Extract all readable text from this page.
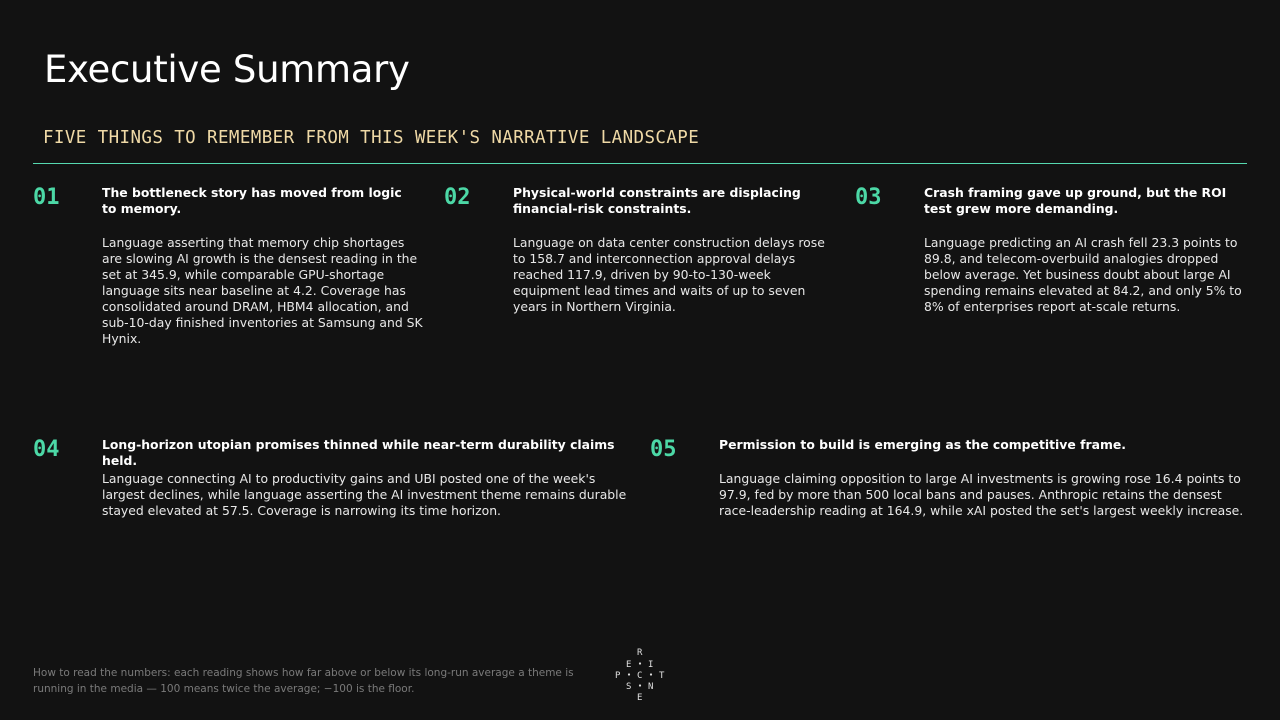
Executive Summary
FIVE THINGS TO REMEMBER FROM THIS WEEK'S NARRATIVE LANDSCAPE
01	The bottleneck story has moved from logic to memory.
Language asserting that memory chip shortages are slowing AI growth is the densest reading in the set at 345.9, while comparable GPU-shortage language sits near baseline at 4.2. Coverage has consolidated around DRAM, HBM4 allocation, and sub-10-day finished inventories at Samsung and SK Hynix.
02	Physical-world constraints are displacing financial-risk constraints.
Language on data center construction delays rose to 158.7 and interconnection approval delays reached 117.9, driven by 90-to-130-week equipment lead times and waits of up to seven years in Northern Virginia.
03	Crash framing gave up ground, but the ROI test grew more demanding.
Language predicting an AI crash fell 23.3 points to 89.8, and telecom-overbuild analogies dropped below average. Yet business doubt about large AI spending remains elevated at 84.2, and only 5% to 8% of enterprises report at-scale returns.
04	Long-horizon utopian promises thinned while near-term durability claims held.
Language connecting AI to productivity gains and UBI posted one of the week's largest declines, while language asserting the AI investment theme remains durable stayed elevated at 57.5. Coverage is narrowing its time horizon.
05	Permission to build is emerging as the competitive frame.
Language claiming opposition to large AI investments is growing rose 16.4 points to 97.9, fed by more than 500 local bans and pauses. Anthropic retains the densest race-leadership reading at 164.9, while xAI posted the set's largest weekly increase.
How to read the numbers: each reading shows how far above or below its long-run average a theme is running in the media — 100 means twice the average; −100 is the floor.
R
E I
P C T
S N
E
